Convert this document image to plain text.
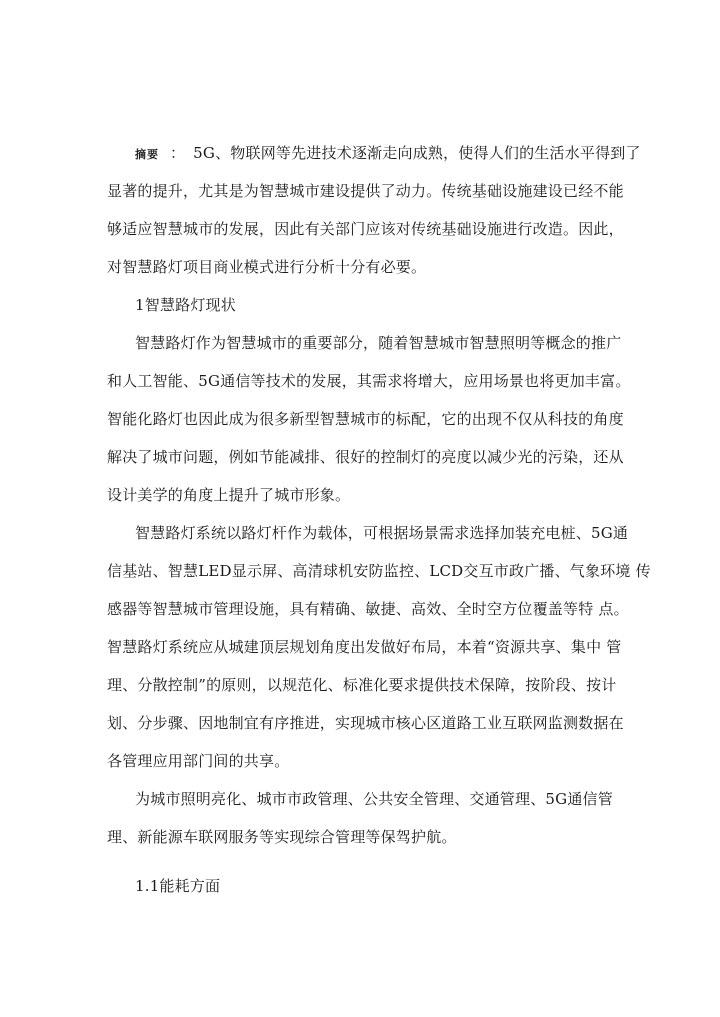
摘要 ： 5G、物联网等先进技术逐渐走向成熟，使得人们的生活水平得到了
显著的提升，尤其是为智慧城市建设提供了动力。传统基础设施建设已经不能
够适应智慧城市的发展，因此有关部门应该对传统基础设施进行改造。因此，
对智慧路灯项目商业模式进行分析十分有必要。
1智慧路灯现状
智慧路灯作为智慧城市的重要部分，随着智慧城市智慧照明等概念的推广
和人工智能、5G通信等技术的发展，其需求将增大，应用场景也将更加丰富。
智能化路灯也因此成为很多新型智慧城市的标配，它的出现不仅从科技的角度
解决了城市问题，例如节能减排、很好的控制灯的亮度以减少光的污染，还从
设计美学的角度上提升了城市形象。
智慧路灯系统以路灯杆作为载体，可根据场景需求选择加装充电桩、5G通
信基站、智慧LED显示屏、高清球机安防监控、LCD交互市政广播、气象环境 传
感器等智慧城市管理设施，具有精确、敏捷、高效、全时空方位覆盖等特 点。
智慧路灯系统应从城建顶层规划角度出发做好布局，本着“资源共享、集中 管
理、分散控制”的原则，以规范化、标准化要求提供技术保障，按阶段、按计
划、分步骤、因地制宜有序推进，实现城市核心区道路工业互联网监测数据在
各管理应用部门间的共享。
为城市照明亮化、城市市政管理、公共安全管理、交通管理、5G通信管
理、新能源车联网服务等实现综合管理等保驾护航。
1.1能耗方面
